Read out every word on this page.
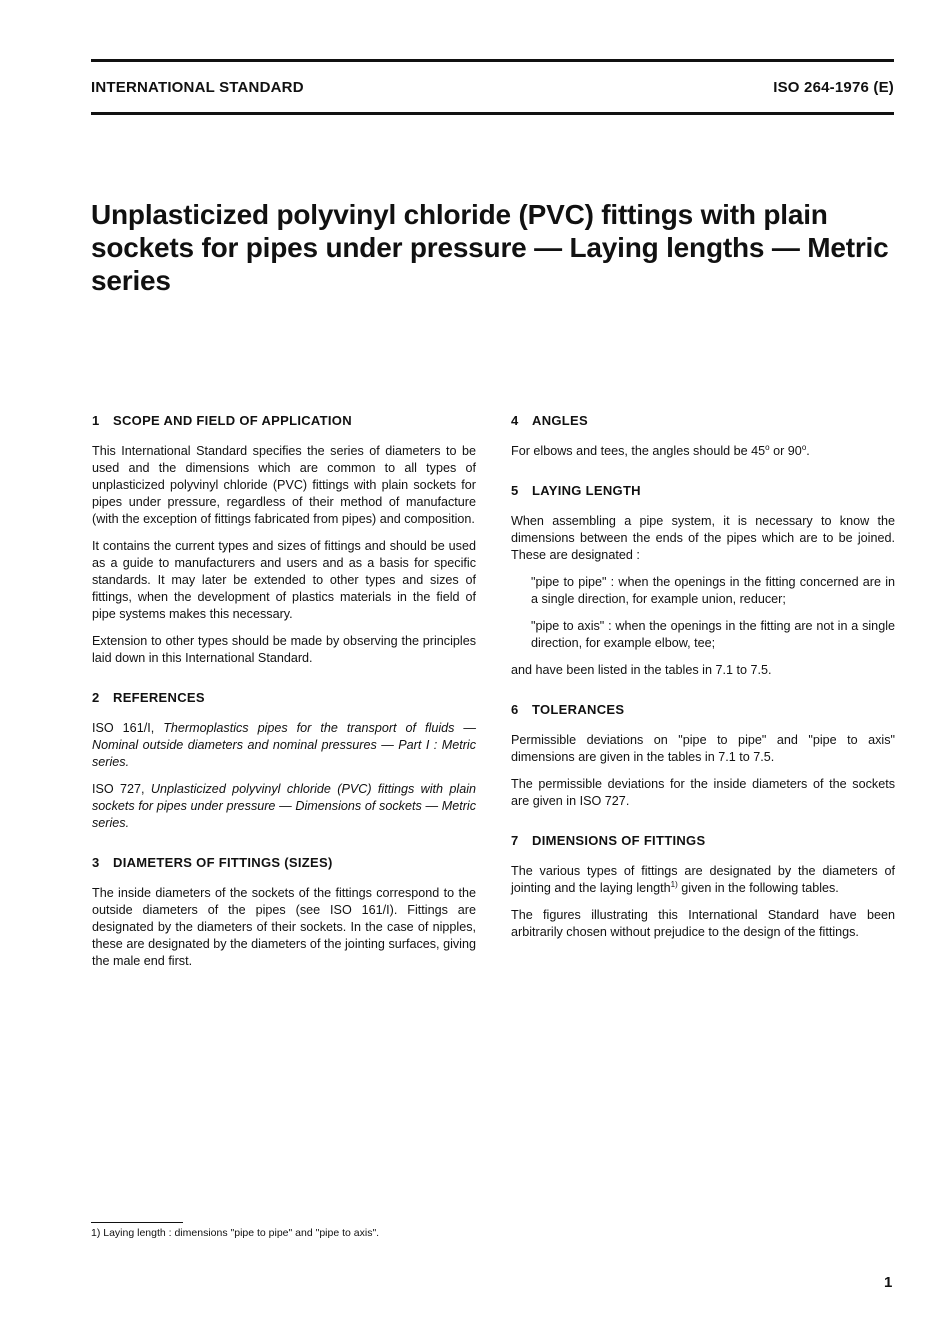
INTERNATIONAL STANDARD	ISO 264-1976 (E)
Unplasticized polyvinyl chloride (PVC) fittings with plain sockets for pipes under pressure — Laying lengths — Metric series
1 SCOPE AND FIELD OF APPLICATION

This International Standard specifies the series of diameters to be used and the dimensions which are common to all types of unplasticized polyvinyl chloride (PVC) fittings with plain sockets for pipes under pressure, regardless of their method of manufacture (with the exception of fittings fabricated from pipes) and composition.

It contains the current types and sizes of fittings and should be used as a guide to manufacturers and users and as a basis for specific standards. It may later be extended to other types and sizes of fittings, when the development of plastics materials in the field of pipe systems makes this necessary.

Extension to other types should be made by observing the principles laid down in this International Standard.

2 REFERENCES

ISO 161/I, Thermoplastics pipes for the transport of fluids — Nominal outside diameters and nominal pressures — Part I : Metric series.

ISO 727, Unplasticized polyvinyl chloride (PVC) fittings with plain sockets for pipes under pressure — Dimensions of sockets — Metric series.

3 DIAMETERS OF FITTINGS (SIZES)

The inside diameters of the sockets of the fittings correspond to the outside diameters of the pipes (see ISO 161/I). Fittings are designated by the diameters of their sockets. In the case of nipples, these are designated by the diameters of the jointing surfaces, giving the male end first.

4 ANGLES

For elbows and tees, the angles should be 45$^o$ or 90$^o$.

5 LAYING LENGTH

When assembling a pipe system, it is necessary to know the dimensions between the ends of the pipes which are to be joined. These are designated :

"pipe to pipe" : when the openings in the fitting concerned are in a single direction, for example union, reducer;

"pipe to axis" : when the openings in the fitting are not in a single direction, for example elbow, tee;

and have been listed in the tables in 7.1 to 7.5.

6 TOLERANCES

Permissible deviations on "pipe to pipe" and "pipe to axis" dimensions are given in the tables in 7.1 to 7.5.

The permissible deviations for the inside diameters of the sockets are given in ISO 727.

7 DIMENSIONS OF FITTINGS

The various types of fittings are designated by the diameters of jointing and the laying length$^{1)}$ given in the following tables.

The figures illustrating this International Standard have been arbitrarily chosen without prejudice to the design of the fittings.

1) Laying length : dimensions "pipe to pipe" and "pipe to axis".
1
